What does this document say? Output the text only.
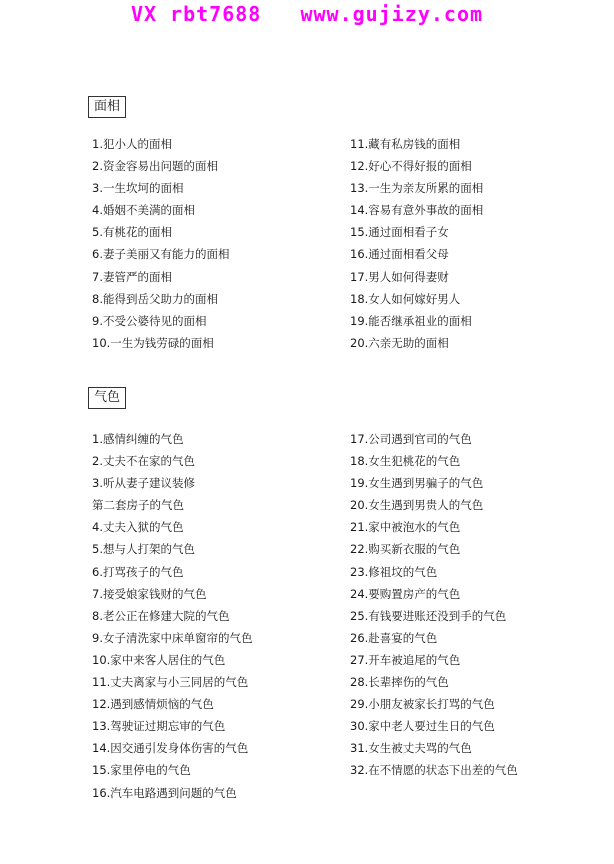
VX rbt7688   www.gujizy.com
面相
1.犯小人的面相
2.资金容易出问题的面相
3.一生坎坷的面相
4.婚姻不美满的面相
5.有桃花的面相
6.妻子美丽又有能力的面相
7.妻管严的面相
8.能得到岳父助力的面相
9.不受公婆待见的面相
10.一生为钱劳碌的面相
11.藏有私房钱的面相
12.好心不得好报的面相
13.一生为亲友所累的面相
14.容易有意外事故的面相
15.通过面相看子女
16.通过面相看父母
17.男人如何得妻财
18.女人如何嫁好男人
19.能否继承祖业的面相
20.六亲无助的面相
气色
1.感情纠缠的气色
2.丈夫不在家的气色
3.听从妻子建议装修
第二套房子的气色
4.丈夫入狱的气色
5.想与人打架的气色
6.打骂孩子的气色
7.接受娘家钱财的气色
8.老公正在修建大院的气色
9.女子清洗家中床单窗帘的气色
10.家中来客人居住的气色
11.丈夫离家与小三同居的气色
12.遇到感情烦恼的气色
13.驾驶证过期忘审的气色
14.因交通引发身体伤害的气色
15.家里停电的气色
16.汽车电路遇到问题的气色
17.公司遇到官司的气色
18.女生犯桃花的气色
19.女生遇到男骗子的气色
20.女生遇到男贵人的气色
21.家中被泡水的气色
22.购买新衣服的气色
23.修祖坟的气色
24.要购置房产的气色
25.有钱要进账还没到手的气色
26.赴喜宴的气色
27.开车被追尾的气色
28.长辈摔伤的气色
29.小朋友被家长打骂的气色
30.家中老人要过生日的气色
31.女生被丈夫骂的气色
32.在不情愿的状态下出差的气色
